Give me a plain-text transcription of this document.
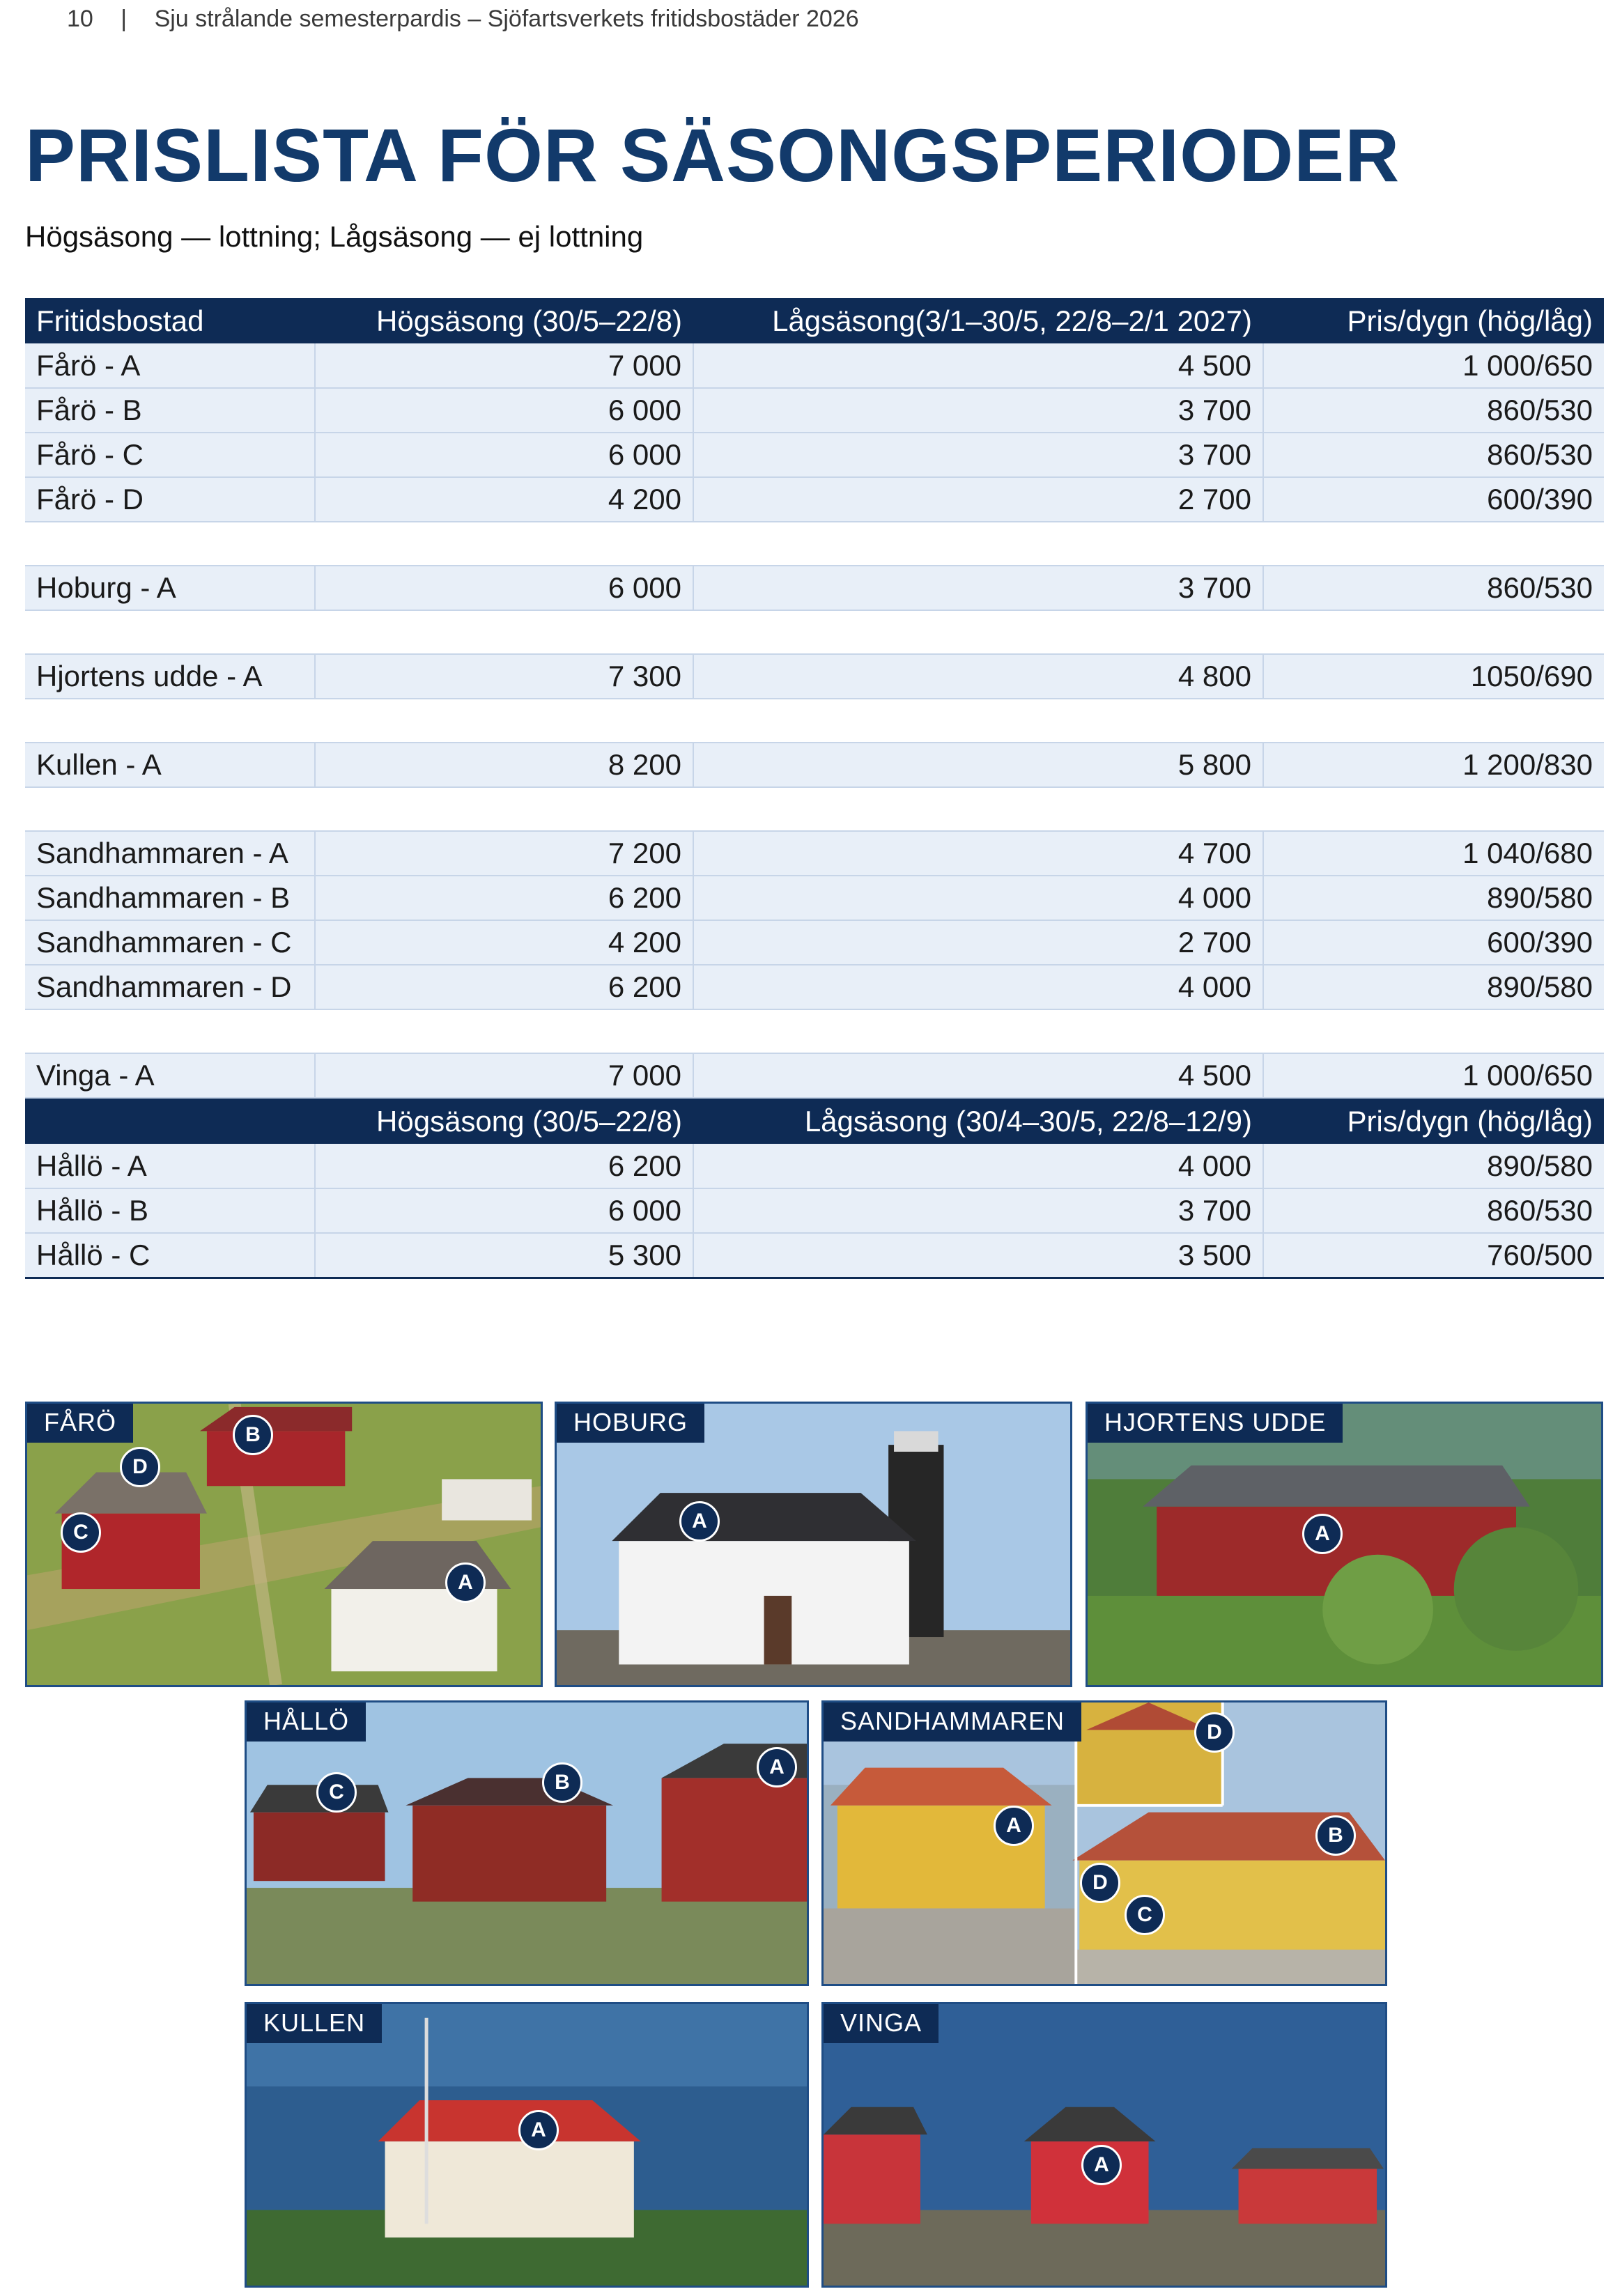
10 | Sju strålande semesterpardis – Sjöfartsverkets fritidsbostäder 2026
PRISLISTA FÖR SÄSONGSPERIODER
Högsäsong — lottning; Lågsäsong — ej lottning
Fritidsbostad	Högsäsong (30/5–22/8)	Lågsäsong(3/1–30/5, 22/8–2/1 2027)	Pris/dygn (hög/låg)
Fårö - A	7 000	4 500	1 000/650
Fårö - B	6 000	3 700	860/530
Fårö - C	6 000	3 700	860/530
Fårö - D	4 200	2 700	600/390

Hoburg - A	6 000	3 700	860/530

Hjortens udde - A	7 300	4 800	1050/690

Kullen - A	8 200	5 800	1 200/830

Sandhammaren - A	7 200	4 700	1 040/680
Sandhammaren - B	6 200	4 000	890/580
Sandhammaren - C	4 200	2 700	600/390
Sandhammaren - D	6 200	4 000	890/580

Vinga - A	7 000	4 500	1 000/650
	Högsäsong (30/5–22/8)	Lågsäsong (30/4–30/5, 22/8–12/9)	Pris/dygn (hög/låg)
Hållö - A	6 200	4 000	890/580
Hållö - B	6 000	3 700	860/530
Hållö - C	5 300	3 500	760/500
FÅRÖ	B
D
C
A
HOBURG
A
HJORTENS UDDE
A
HÅLLÖ
C	B
A
SANDHAMMAREN	D
A	B
D
C
KULLEN
A
VINGA
A
